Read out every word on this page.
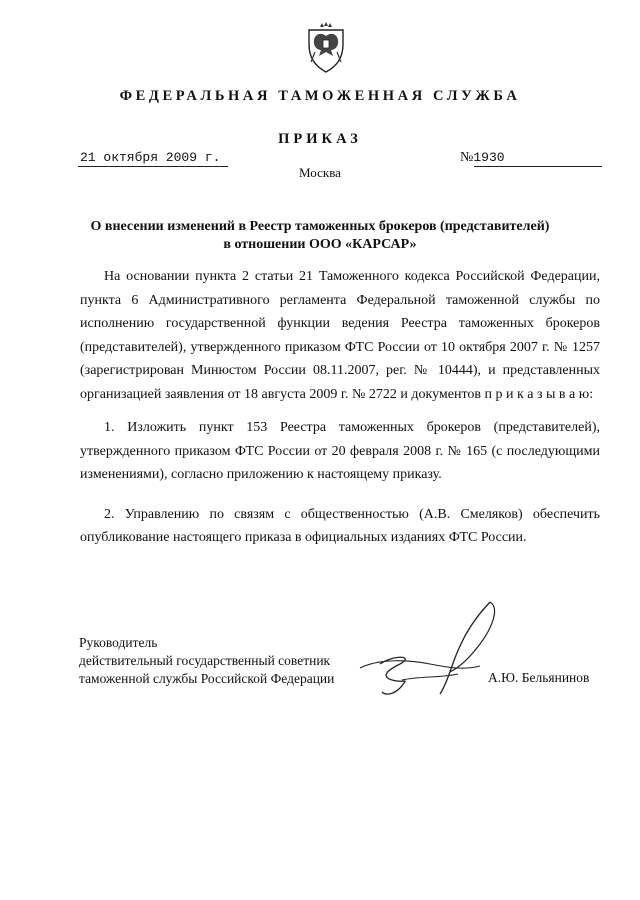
ФЕДЕРАЛЬНАЯ ТАМОЖЕННАЯ СЛУЖБА
ПРИКАЗ
21 октября 2009 г.	№1930
Москва
О внесении изменений в Реестр таможенных брокеров (представителей)
в отношении ООО «КАРСАР»

На основании пункта 2 статьи 21 Таможенного кодекса Российской Федерации, пункта 6 Административного регламента Федеральной таможенной службы по исполнению государственной функции ведения Реестра таможенных брокеров (представителей), утвержденного приказом ФТС России от 10 октября 2007 г. № 1257 (зарегистрирован Минюстом России 08.11.2007, рег. № 10444), и представленных организацией заявления от 18 августа 2009 г. № 2722 и документов п р и к а з ы в а ю:

1. Изложить пункт 153 Реестра таможенных брокеров (представителей), утвержденного приказом ФТС России от 20 февраля 2008 г. № 165 (с последующими изменениями), согласно приложению к настоящему приказу.

2. Управлению по связям с общественностью (А.В. Смеляков) обеспечить опубликование настоящего приказа в официальных изданиях ФТС России.

Руководитель
действительный государственный советник
таможенной службы Российской Федерации	А.Ю. Бельянинов
